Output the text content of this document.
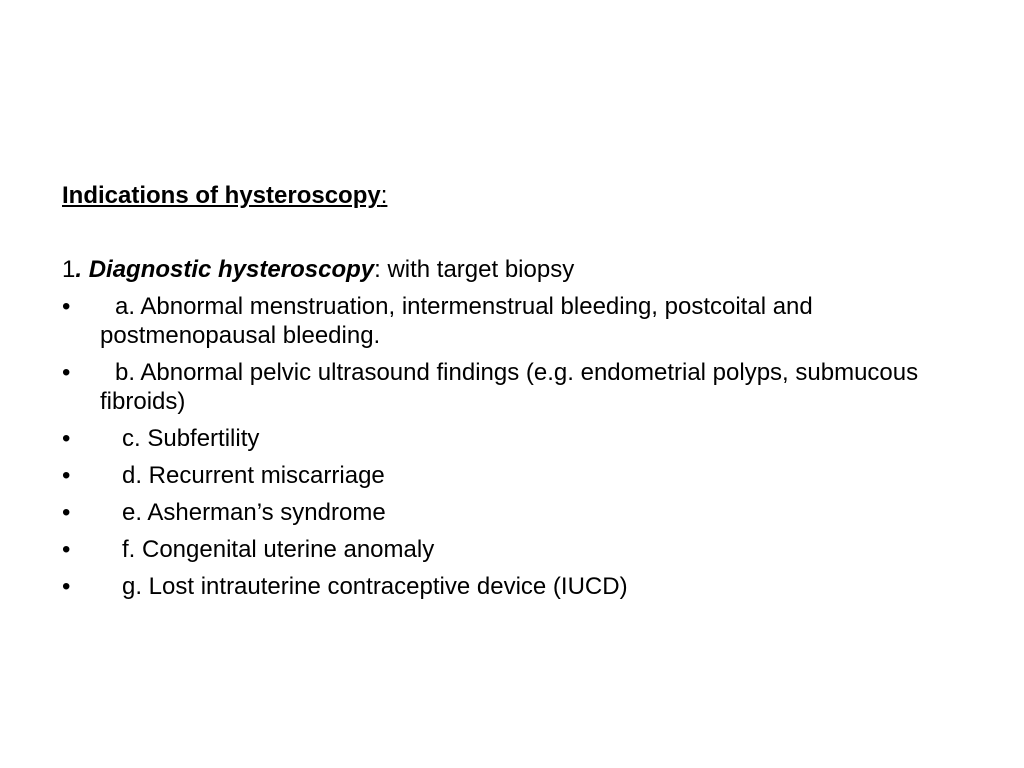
Indications of hysteroscopy:
1. Diagnostic hysteroscopy: with target biopsy
•	a. Abnormal menstruation, intermenstrual bleeding, postcoital and postmenopausal bleeding.
•	b. Abnormal pelvic ultrasound findings (e.g. endometrial polyps, submucous fibroids)
•	c. Subfertility
•	d. Recurrent miscarriage
•	e. Asherman’s syndrome
•	f. Congenital uterine anomaly
•	g. Lost intrauterine contraceptive device (IUCD)
